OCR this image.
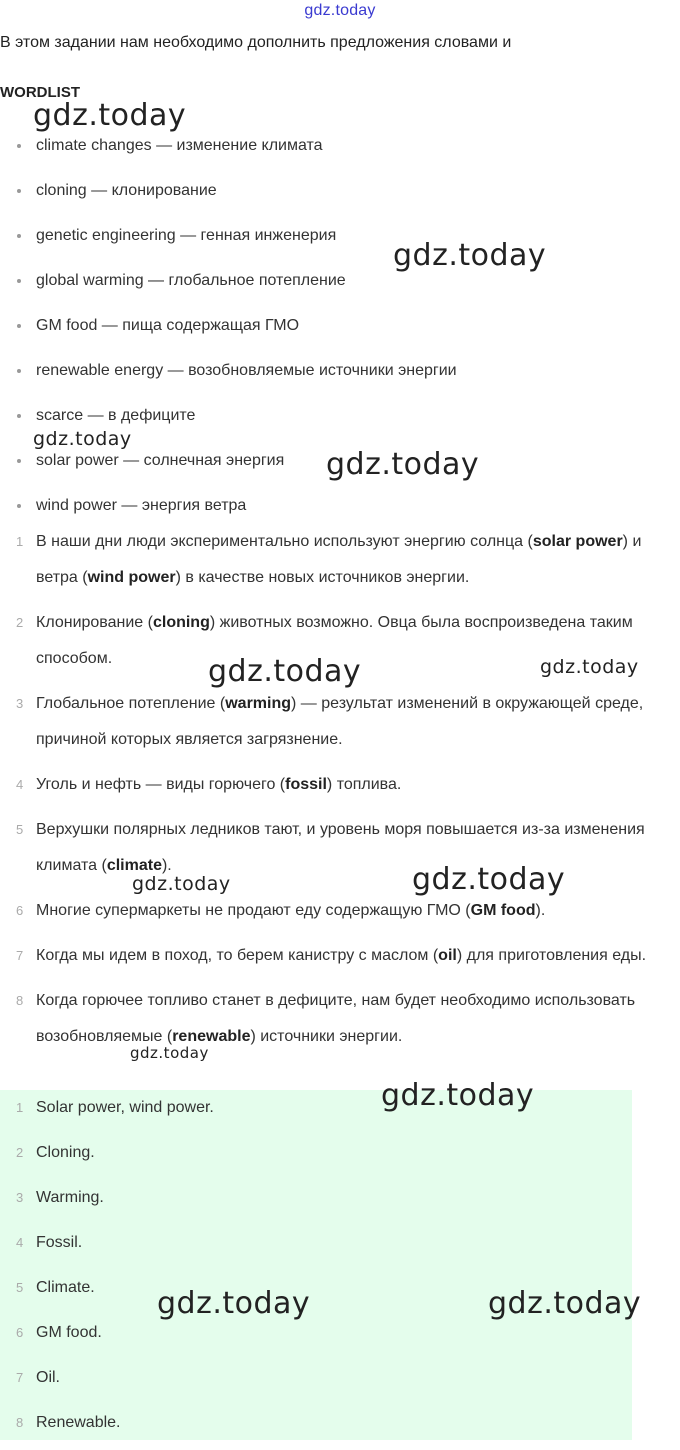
gdz.today
В этом задании нам необходимо дополнить предложения словами и
WORDLIST
climate changes — изменение климата
cloning — клонирование
genetic engineering — генная инженерия
global warming — глобальное потепление
GM food — пища содержащая ГМО
renewable energy — возобновляемые источники энергии
scarce — в дефиците
solar power — солнечная энергия
wind power — энергия ветра
1 В наши дни люди экспериментально используют энергию солнца (solar power) и ветра (wind power) в качестве новых источников энергии.
2 Клонирование (cloning) животных возможно. Овца была воспроизведена таким способом.
3 Глобальное потепление (warming) — результат изменений в окружающей среде, причиной которых является загрязнение.
4 Уголь и нефть — виды горючего (fossil) топлива.
5 Верхушки полярных ледников тают, и уровень моря повышается из-за изменения климата (climate).
6 Многие супермаркеты не продают еду содержащую ГМО (GM food).
7 Когда мы идем в поход, то берем канистру с маслом (oil) для приготовления еды.
8 Когда горючее топливо станет в дефиците, нам будет необходимо использовать возобновляемые (renewable) источники энергии.
1 Solar power, wind power.
2 Cloning.
3 Warming.
4 Fossil.
5 Climate.
6 GM food.
7 Oil.
8 Renewable.
gdz.today
gdz.today
gdz.today
gdz.today
gdz.today	gdz.today
gdz.today	gdz.today
gdz.today
gdz.today
gdz.today	gdz.today
